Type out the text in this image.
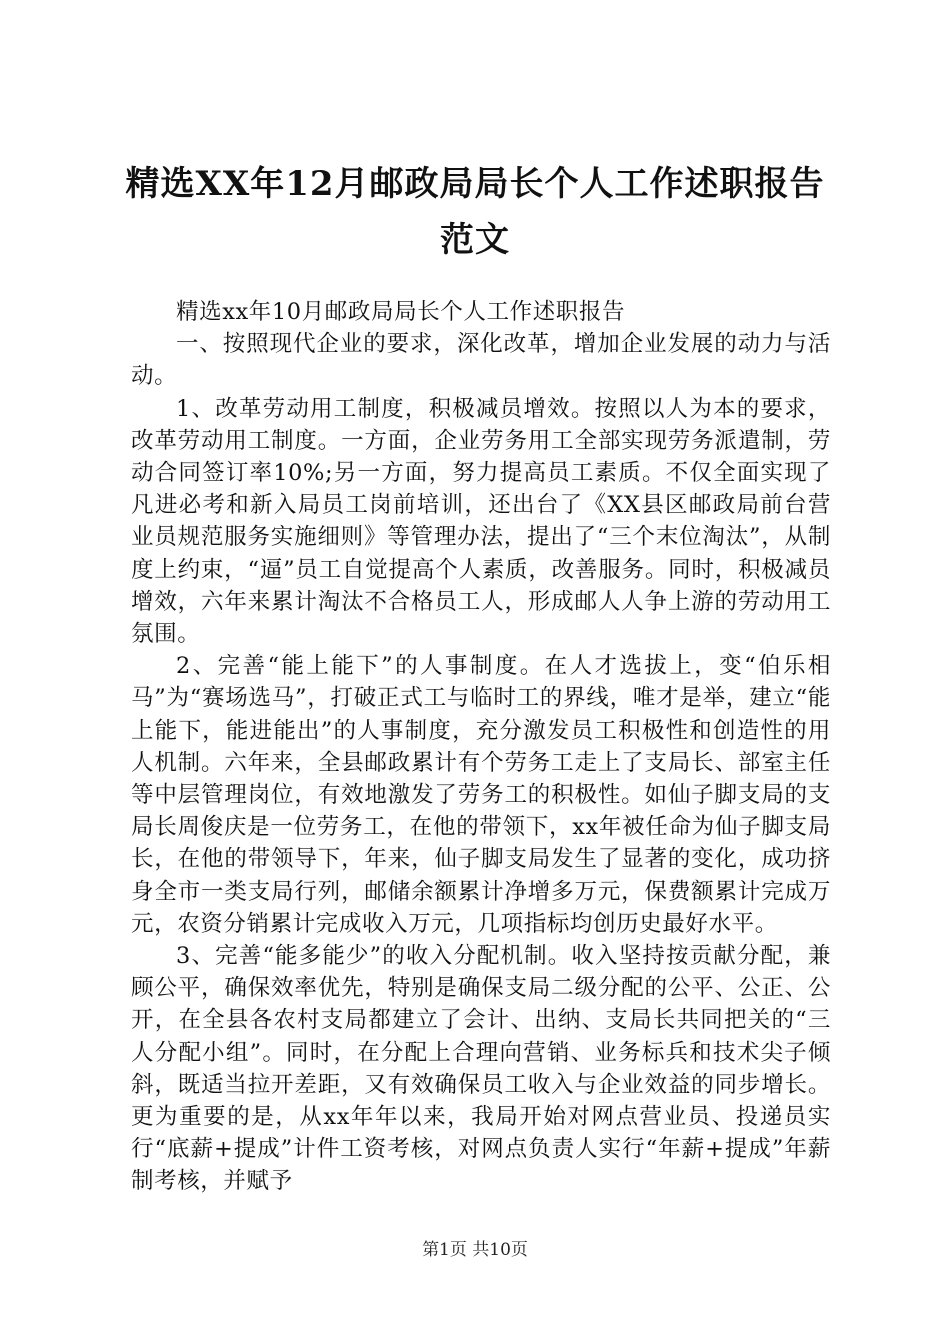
精选XX年12月邮政局局长个人工作述职报告
范文

精选xx年10月邮政局局长个人工作述职报告

一、按照现代企业的要求，深化改革，增加企业发展的动力与活动。

1、改革劳动用工制度，积极减员增效。按照以人为本的要求，改革劳动用工制度。一方面，企业劳务用工全部实现劳务派遣制，劳动合同签订率10%;另一方面，努力提高员工素质。不仅全面实现了凡进必考和新入局员工岗前培训，还出台了《XX县区邮政局前台营业员规范服务实施细则》等管理办法，提出了“三个末位淘汰”，从制度上约束，“逼”员工自觉提高个人素质，改善服务。同时，积极减员增效，六年来累计淘汰不合格员工人，形成邮人人争上游的劳动用工氛围。

2、完善“能上能下”的人事制度。在人才选拔上，变“伯乐相马”为“赛场选马”，打破正式工与临时工的界线，唯才是举，建立“能上能下，能进能出”的人事制度，充分激发员工积极性和创造性的用人机制。六年来，全县邮政累计有个劳务工走上了支局长、部室主任等中层管理岗位，有效地激发了劳务工的积极性。如仙子脚支局的支局长周俊庆是一位劳务工，在他的带领下，xx年被任命为仙子脚支局长，在他的带领导下，年来，仙子脚支局发生了显著的变化，成功挤身全市一类支局行列，邮储余额累计净增多万元，保费额累计完成万元，农资分销累计完成收入万元，几项指标均创历史最好水平。

3、完善“能多能少”的收入分配机制。收入坚持按贡献分配，兼顾公平，确保效率优先，特别是确保支局二级分配的公平、公正、公开，在全县各农村支局都建立了会计、出纳、支局长共同把关的“三人分配小组”。同时，在分配上合理向营销、业务标兵和技术尖子倾斜，既适当拉开差距，又有效确保员工收入与企业效益的同步增长。更为重要的是，从xx年年以来，我局开始对网点营业员、投递员实行“底薪+提成”计件工资考核，对网点负责人实行“年薪+提成”年薪制考核，并赋予

第1页 共10页
